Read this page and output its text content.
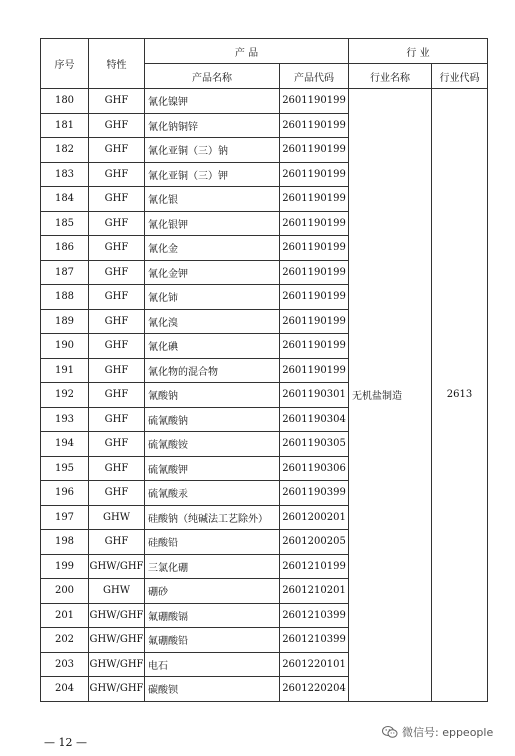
序号	特性	产 品		行 业	
		产品名称	产品代码	行业名称	行业代码
180	GHF	氰化镍钾	2601190199	无机盐制造	2613
181	GHF	氰化钠铜锌	2601190199		
182	GHF	氰化亚铜（三）钠	2601190199		
183	GHF	氰化亚铜（三）钾	2601190199		
184	GHF	氰化银	2601190199		
185	GHF	氰化银钾	2601190199		
186	GHF	氰化金	2601190199		
187	GHF	氰化金钾	2601190199		
188	GHF	氰化铈	2601190199		
189	GHF	氰化溴	2601190199		
190	GHF	氰化碘	2601190199		
191	GHF	氰化物的混合物	2601190199		
192	GHF	氰酸钠	2601190301		
193	GHF	硫氰酸钠	2601190304		
194	GHF	硫氰酸铵	2601190305		
195	GHF	硫氰酸钾	2601190306		
196	GHF	硫氰酸汞	2601190399		
197	GHW	硅酸钠（纯碱法工艺除外）	2601200201		
198	GHF	硅酸铅	2601200205		
199	GHW/GHF	三氯化硼	2601210199		
200	GHW	硼砂	2601210201		
201	GHW/GHF	氟硼酸镉	2601210399		
202	GHW/GHF	氟硼酸铅	2601210399		
203	GHW/GHF	电石	2601220101		
204	GHW/GHF	碳酸钡	2601220204		
— 12 —
微信号: eppeople
